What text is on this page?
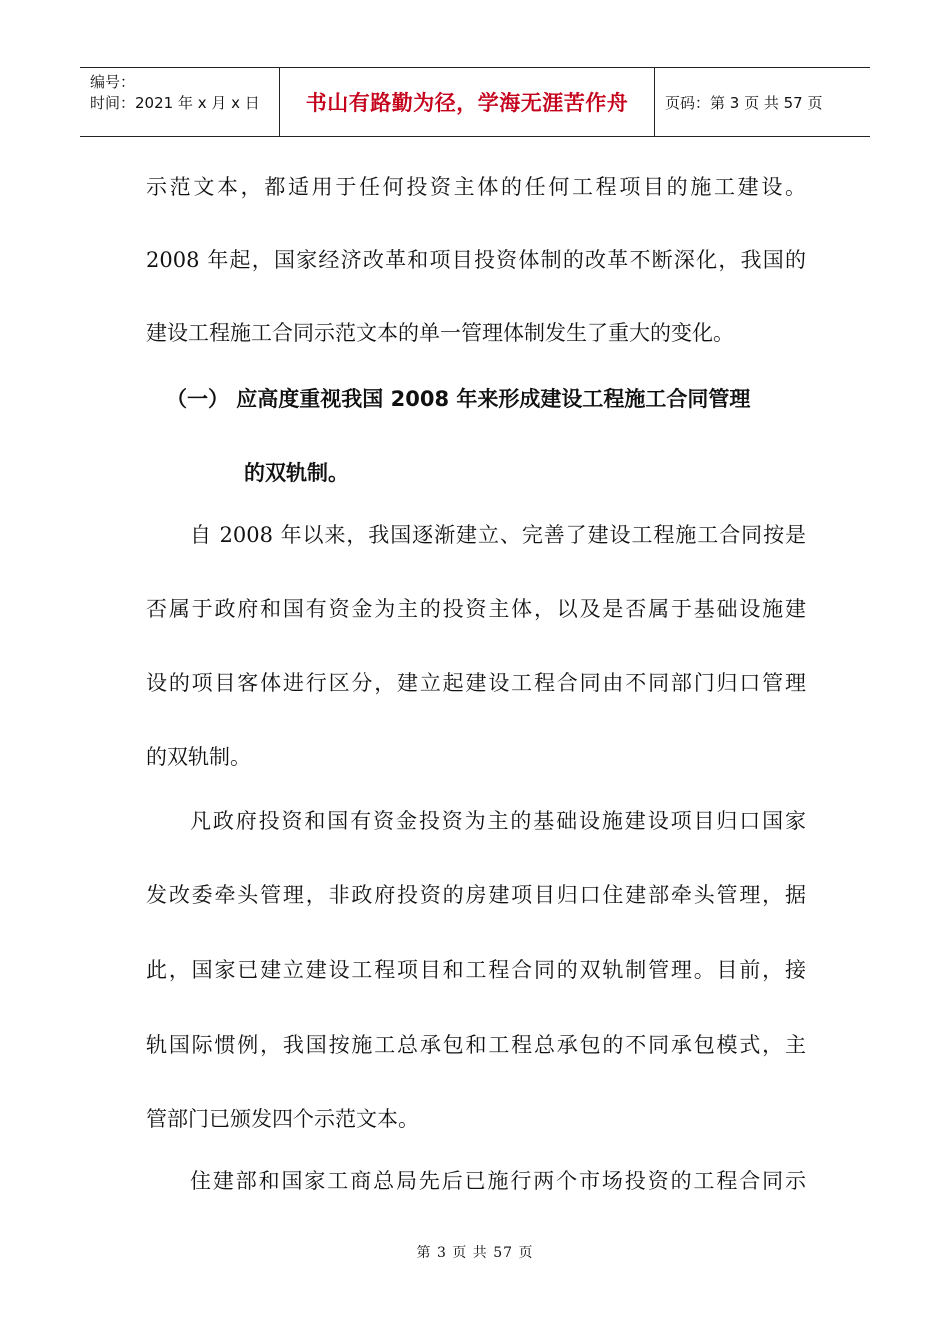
编号：
时间：2021 年 x 月 x 日	书山有路勤为径，学海无涯苦作舟 页码：第 3 页 共 57 页
示范文本，都适用于任何投资主体的任何工程项目的施工建设。
2008 年起，国家经济改革和项目投资体制的改革不断深化，我国的
建设工程施工合同示范文本的单一管理体制发生了重大的变化。
（一） 应高度重视我国 2008 年来形成建设工程施工合同管理
的双轨制。
自 2008 年以来，我国逐渐建立、完善了建设工程施工合同按是
否属于政府和国有资金为主的投资主体，以及是否属于基础设施建
设的项目客体进行区分，建立起建设工程合同由不同部门归口管理
的双轨制。
凡政府投资和国有资金投资为主的基础设施建设项目归口国家
发改委牵头管理，非政府投资的房建项目归口住建部牵头管理，据
此，国家已建立建设工程项目和工程合同的双轨制管理。目前，接
轨国际惯例，我国按施工总承包和工程总承包的不同承包模式，主
管部门已颁发四个示范文本。
住建部和国家工商总局先后已施行两个市场投资的工程合同示
第 3 页 共 57 页
